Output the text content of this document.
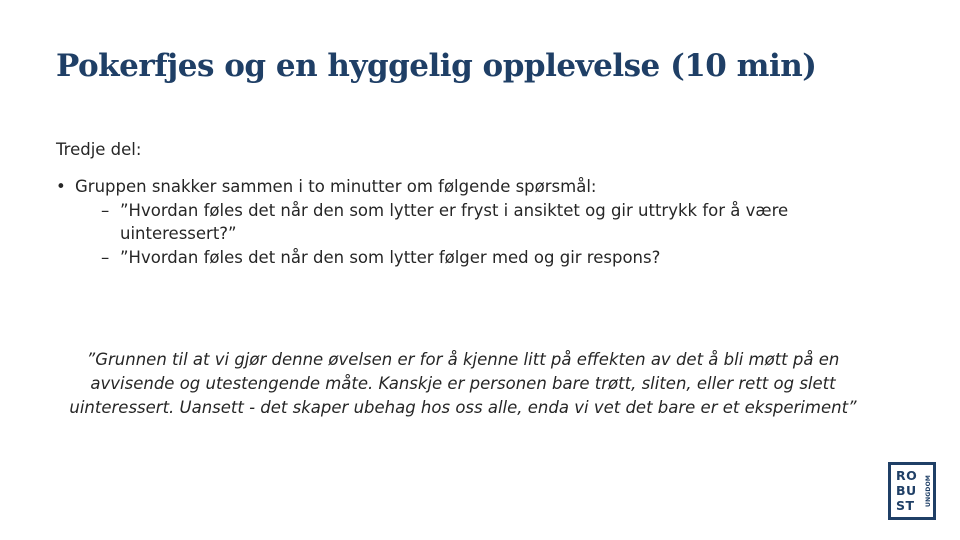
Pokerfjes og en hyggelig opplevelse (10 min)

Tredje del:

• Gruppen snakker sammen i to minutter om følgende spørsmål:

– ”Hvordan føles det når den som lytter er fryst i ansiktet og gir uttrykk for å være uinteressert?”

– ”Hvordan føles det når den som lytter følger med og gir respons?

”Grunnen til at vi gjør denne øvelsen er for å kjenne litt på effekten av det å bli møtt på en avvisende og utestengende måte. Kanskje er personen bare trøtt, sliten, eller rett og slett uinteressert. Uansett - det skaper ubehag hos oss alle, enda vi vet det bare er et eksperiment”
RO
BU
ST	UNGDOM
